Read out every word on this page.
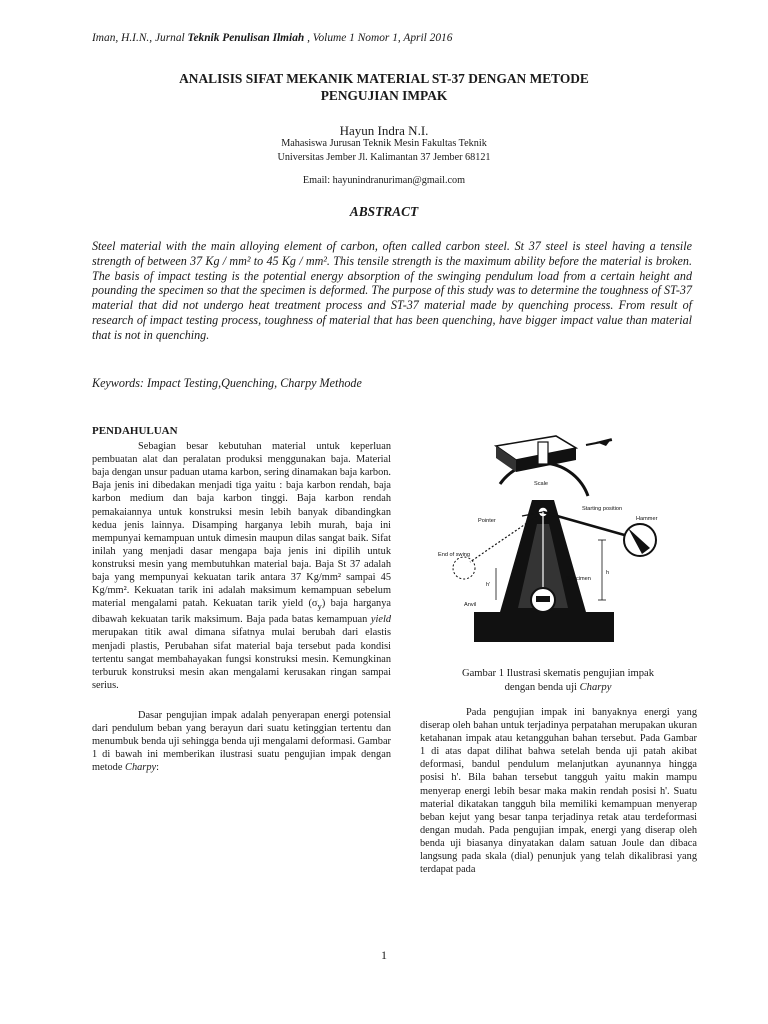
Iman, H.I.N., Jurnal Teknik Penulisan Ilmiah , Volume 1 Nomor 1, April 2016
ANALISIS SIFAT MEKANIK MATERIAL ST-37 DENGAN METODE
PENGUJIAN IMPAK
Hayun Indra N.I.
Mahasiswa Jurusan Teknik Mesin Fakultas Teknik
Universitas Jember Jl. Kalimantan 37 Jember 68121
Email: hayunindranuriman@gmail.com
ABSTRACT
Steel material with the main alloying element of carbon, often called carbon steel. St 37 steel is steel having a tensile strength of between 37 Kg / mm² to 45 Kg / mm². This tensile strength is the maximum ability before the material is broken. The basis of impact testing is the potential energy absorption of the swinging pendulum load from a certain height and pounding the specimen so that the specimen is deformed. The purpose of this study was to determine the toughness of ST-37 material that did not undergo heat treatment process and ST-37 material made by quenching process. From result of research of impact testing process, toughness of material that has been quenching, have bigger impact value than material that is not in quenching.
Keywords: Impact Testing,Quenching, Charpy Methode
PENDAHULUAN

Sebagian besar kebutuhan material untuk keperluan pembuatan alat dan peralatan produksi menggunakan baja. Material baja dengan unsur paduan utama karbon, sering dinamakan baja karbon. Baja jenis ini dibedakan menjadi tiga yaitu : baja karbon rendah, baja karbon medium dan baja karbon tinggi. Baja karbon rendah pemakaiannya untuk konstruksi mesin lebih banyak dibandingkan kedua jenis lainnya. Disamping harganya lebih murah, baja ini mempunyai kemampuan untuk dimesin maupun dilas sangat baik. Sifat inilah yang menjadi dasar mengapa baja jenis ini dipilih untuk konstruksi mesin yang membutuhkan material baja. Baja St 37 adalah baja yang mempunyai kekuatan tarik antara 37 Kg/mm² sampai 45 Kg/mm². Kekuatan tarik ini adalah maksimum kemampuan sebelum material mengalami patah. Kekuatan tarik yield $(\sigma_y)$ baja harganya dibawah kekuatan tarik maksimum. Baja pada batas kemampuan yield merupakan titik awal dimana sifatnya mulai berubah dari elastis menjadi plastis, Perubahan sifat material baja tersebut pada kondisi tertentu sangat membahayakan fungsi konstruksi mesin. Kemungkinan terburuk konstruksi mesin akan mengalami kerusakan ringan sampai serius.

Dasar pengujian impak adalah penyerapan energi potensial dari pendulum beban yang berayun dari suatu ketinggian tertentu dan menumbuk benda uji sehingga benda uji mengalami deformasi. Gambar 1 di bawah ini memberikan ilustrasi suatu pengujian impak dengan metode Charpy:

Scale
Starting position
Hammer
Pointer
End of swing
Specimen
Anvil
h
h'
Gambar 1 Ilustrasi skematis pengujian impak
dengan benda uji Charpy

Pada pengujian impak ini banyaknya energi yang diserap oleh bahan untuk terjadinya perpatahan merupakan ukuran ketahanan impak atau ketangguhan bahan tersebut. Pada Gambar 1 di atas dapat dilihat bahwa setelah benda uji patah akibat deformasi, bandul pendulum melanjutkan ayunannya hingga posisi h'. Bila bahan tersebut tangguh yaitu makin mampu menyerap energi lebih besar maka makin rendah posisi h'. Suatu material dikatakan tangguh bila memiliki kemampuan menyerap beban kejut yang besar tanpa terjadinya retak atau terdeformasi dengan mudah. Pada pengujian impak, energi yang diserap oleh benda uji biasanya dinyatakan dalam satuan Joule dan dibaca langsung pada skala (dial) penunjuk yang telah dikalibrasi yang terdapat pada

1
